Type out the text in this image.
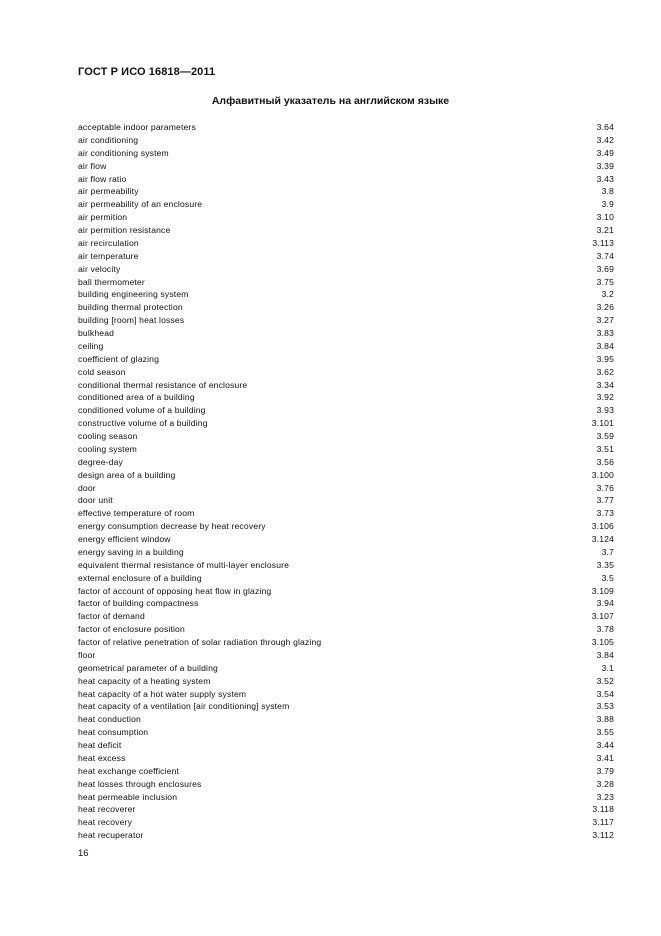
ГОСТ Р ИСО 16818—2011
Алфавитный указатель на английском языке
acceptable indoor parameters	3.64
air conditioning	3.42
air conditioning system	3.49
air flow	3.39
air flow ratio	3.43
air permeability	3.8
air permeability of an enclosure	3.9
air permition	3.10
air permition resistance	3.21
air recirculation	3.113
air temperature	3.74
air velocity	3.69
ball thermometer	3.75
building engineering system	3.2
building thermal protection	3.26
building [room] heat losses	3.27
bulkhead	3.83
ceiling	3.84
coefficient of glazing	3.95
cold season	3.62
conditional thermal resistance of enclosure	3.34
conditioned area of a building	3.92
conditioned volume of a building	3.93
constructive volume of a building	3.101
cooling season	3.59
cooling system	3.51
degree-day	3.56
design area of a building	3.100
door	3.76
door unit	3.77
effective temperature of room	3.73
energy consumption decrease by heat recovery	3.106
energy efficient window	3.124
energy saving in a building	3.7
equivalent thermal resistance of multi-layer enclosure	3.35
external enclosure of a building	3.5
factor of account of opposing heat flow in glazing	3.109
factor of building compactness	3.94
factor of demand	3.107
factor of enclosure position	3.78
factor of relative penetration of solar radiation through glazing	3.105
floor	3.84
geometrical parameter of a building	3.1
heat capacity of a heating system	3.52
heat capacity of a hot water supply system	3.54
heat capacity of a ventilation [air conditioning] system	3.53
heat conduction	3.88
heat consumption	3.55
heat deficit	3.44
heat excess	3.41
heat exchange coefficient	3.79
heat losses through enclosures	3.28
heat permeable inclusion	3.23
heat recoverer	3.118
heat recovery	3.117
heat recuperator	3.112
16
